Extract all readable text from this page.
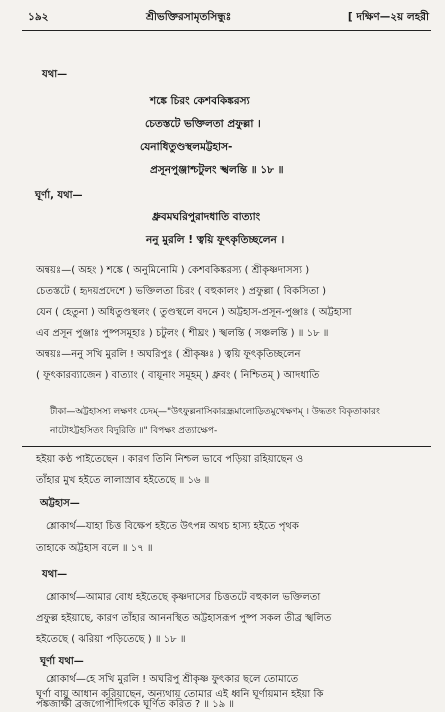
১৯২	শ্রীভক্তিরসামৃতসিন্ধুঃ	[ দক্ষিণ—২য় লহরী
যথা—
শঙ্কে চিরং কেশবকিঙ্করস্য
চেতস্তটে ভক্তিলতা প্রফুল্লা ।
যেনাধিতুণ্ডস্থলমট্টহাস-
প্রসূনপুঞ্জাশ্চটুলং স্খলন্তি ॥ ১৮ ॥
ঘূর্ণা, যথা—
ধ্রুবমঘরিপুরাদধাতি বাত্যাং
ননু মুরলি ! ত্বয়ি ফূৎকৃতিচ্ছলেন ।
অন্বয়ঃ—( অহং ) শঙ্কে ( অনুমিনোমি ) কেশবকিঙ্করস্য ( শ্রীকৃষ্ণদাসস্য )
চেতস্তটে ( হৃদয়প্রদেশে ) ভক্তিলতা চিরং ( বহুকালং ) প্রফুল্লা ( বিকসিতা )
যেন ( হেতুনা ) অধিতুণ্ডস্থলং ( তুণ্ডস্থলে বদনে ) অট্টহাস-প্রসূন-পুঞ্জাঃ ( অট্টহাসা
এব প্রসূন পুঞ্জাঃ পুষ্পসমূহাঃ ) চটুলং ( শীঘ্রং ) স্খলন্তি ( সঞ্চলন্তি ) ॥ ১৮ ॥
অন্বয়ঃ—ননু সখি মুরলি ! অঘরিপুঃ ( শ্রীকৃষ্ণঃ ) ত্বয়ি ফূৎকৃতিচ্ছলেন
( ফূৎকারব্যাজেন ) বাত্যাং ( বায়ূনাং সমূহম্ ) ধ্রুবং ( নিশ্চিতম্ ) আদধাতি
টীকা—অট্টহাসস্য লক্ষণং চেদম্—"উৎফুল্লনাসিকারন্ধ্রমালোড়িতমুখেক্ষণম্ । উদ্ধতং বিকৃতাকারং নাটোঽট্টহসিতং বিদুরিতি ॥" বিপক্ষং প্রত্যাক্ষেপ-
হইয়া কণ্ঠ পাইতেছেন । কারণ তিনি নিশ্চল ভাবে পড়িয়া রহিয়াছেন ও
তাঁহার মুখ হইতে লালাস্রাব হইতেছে ॥ ১৬ ॥
অট্টহাস—
শ্লোকার্থ—যাহা চিত্ত বিক্ষেপ হইতে উৎপন্ন অথচ হাস্য হইতে পৃথক
তাহাকে অট্টহাস বলে ॥ ১৭ ॥
যথা—
শ্লোকার্থ—আমার বোধ হইতেছে কৃষ্ণদাসের চিত্ততটে বহুকাল ভক্তিলতা
প্রফুল্ল হইয়াছে, কারণ তাঁহার আননস্থিত অট্টহাসরূপ পুষ্প সকল তীব্র স্খলিত
হইতেছে ( ঝরিয়া পড়িতেছে ) ॥ ১৮ ॥
ঘূর্ণা যথা—
শ্লোকার্থ—হে সখি মুরলি ! অঘরিপু শ্রীকৃষ্ণ ফুৎকার ছলে তোমাতে
ঘূর্ণা বায়ু আধান করিয়াছেন, অন্যথায় তোমার এই ধ্বনি ঘূর্ণায়মান হইয়া কি
পঙ্কজাক্ষী ব্রজগোপীদিগকে ঘূর্ণিত করিত ? ॥ ১৯ ॥
